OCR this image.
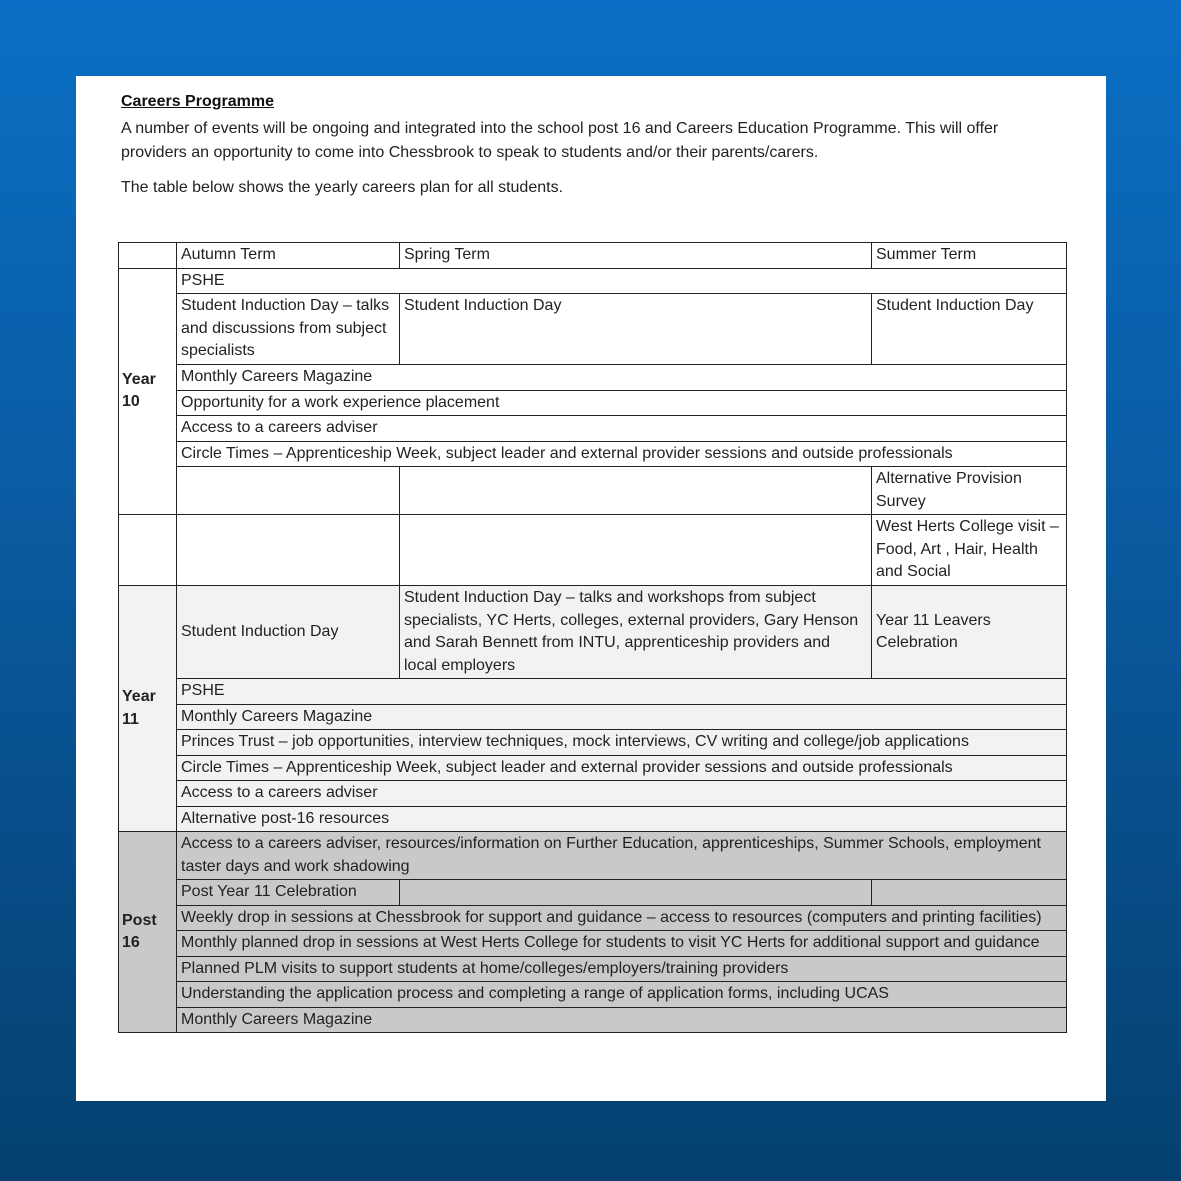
Careers Programme

A number of events will be ongoing and integrated into the school post 16 and Careers Education Programme. This will offer providers an opportunity to come into Chessbrook to speak to students and/or their parents/carers.

The table below shows the yearly careers plan for all students.

	Autumn Term	Spring Term	Summer Term
Year 10	PSHE		
	Student Induction Day – talks and discussions from subject specialists	Student Induction Day	Student Induction Day
	Monthly Careers Magazine		
	Opportunity for a work experience placement		
	Access to a careers adviser		
	Circle Times – Apprenticeship Week, subject leader and external provider sessions and outside professionals		
			Alternative Provision Survey
			West Herts College visit – Food, Art , Hair, Health and Social
Year 11	Student Induction Day	Student Induction Day – talks and workshops from subject specialists, YC Herts, colleges, external providers, Gary Henson and Sarah Bennett from INTU, apprenticeship providers and local employers	Year 11 Leavers Celebration
	PSHE		
	Monthly Careers Magazine		
	Princes Trust – job opportunities, interview techniques, mock interviews, CV writing and college/job applications		
	Circle Times – Apprenticeship Week, subject leader and external provider sessions and outside professionals		
	Access to a careers adviser		
	Alternative post-16 resources		
Post 16	Access to a careers adviser, resources/information on Further Education, apprenticeships, Summer Schools, employment taster days and work shadowing		
	Post Year 11 Celebration		
	Weekly drop in sessions at Chessbrook for support and guidance – access to resources (computers and printing facilities)		
	Monthly planned drop in sessions at West Herts College for students to visit YC Herts for additional support and guidance		
	Planned PLM visits to support students at home/colleges/employers/training providers		
	Understanding the application process and completing a range of application forms, including UCAS		
	Monthly Careers Magazine		
